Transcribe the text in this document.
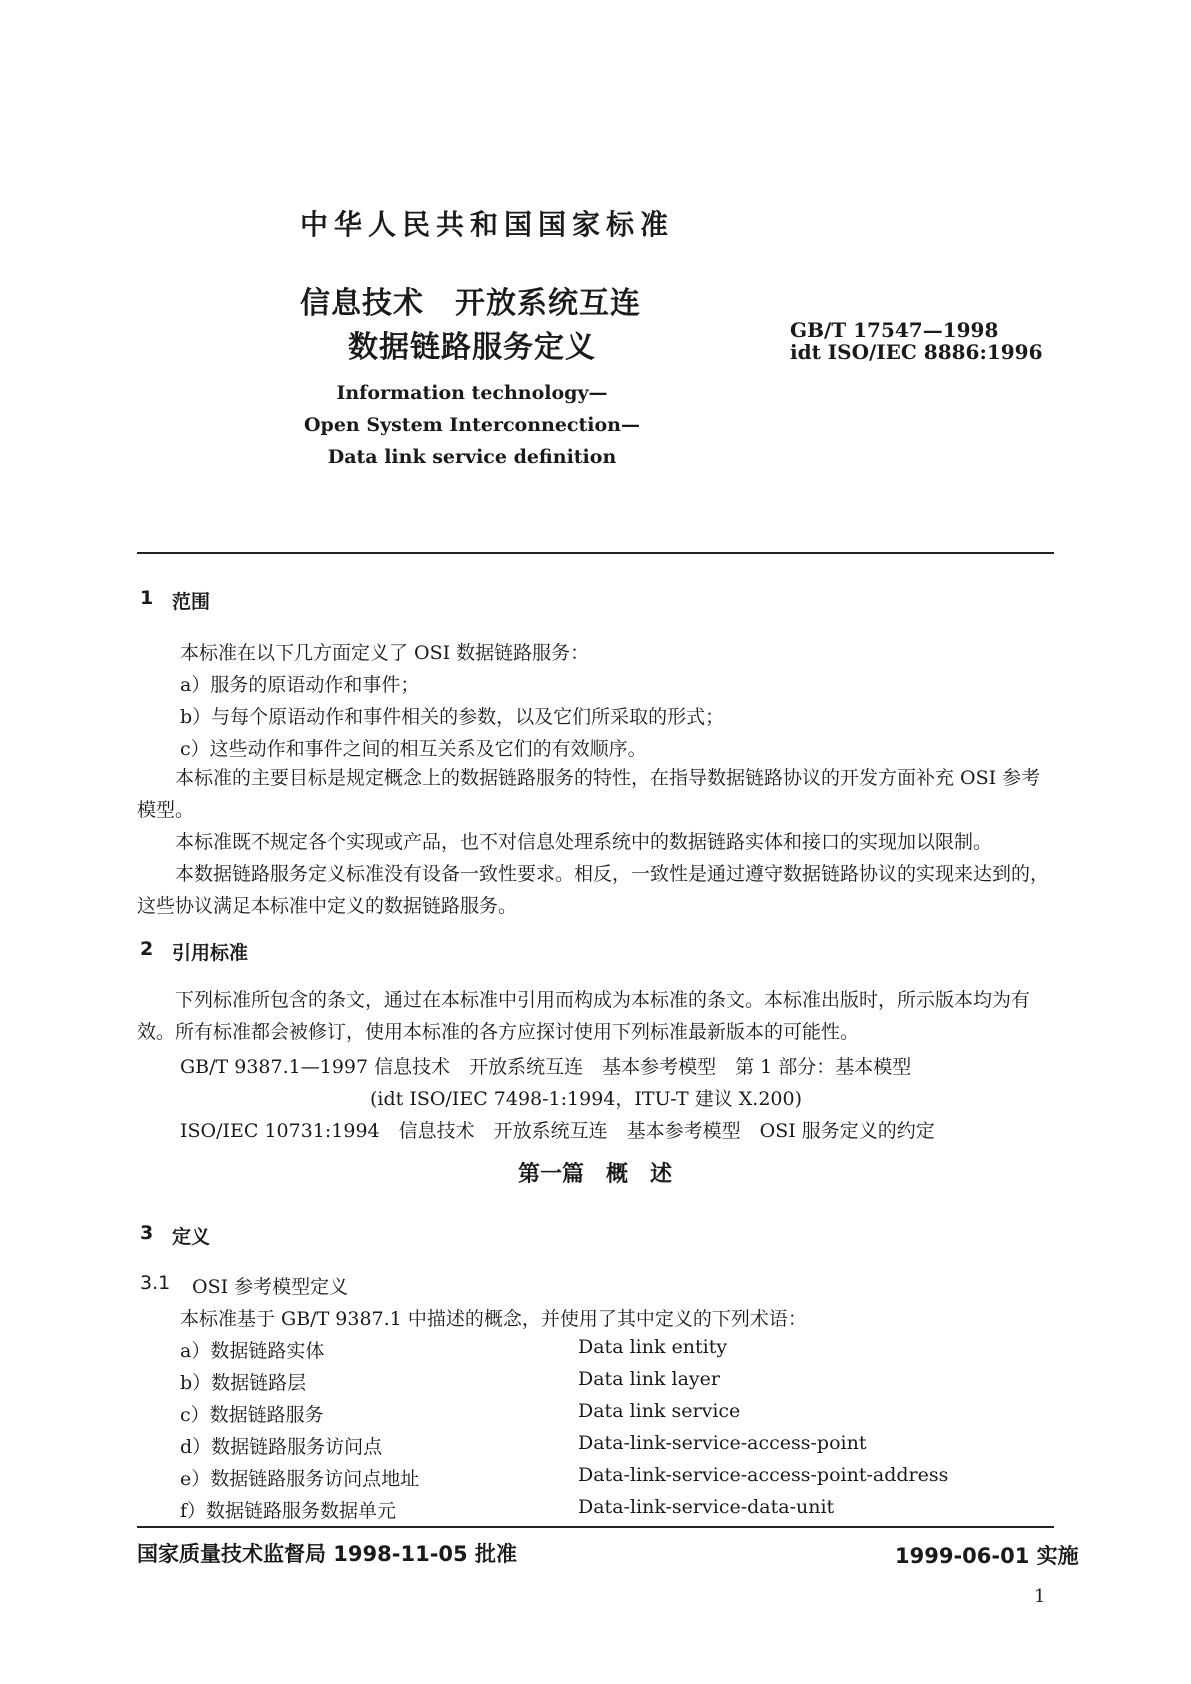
中华人民共和国国家标准
信息技术　开放系统互连
数据链路服务定义	GB/T 17547—1998
idt ISO/IEC 8886:1996
Information technology—
Open System Interconnection—
Data link service definition
1 范围
本标准在以下几方面定义了 OSI 数据链路服务：
a）服务的原语动作和事件；
b）与每个原语动作和事件相关的参数，以及它们所采取的形式；
c）这些动作和事件之间的相互关系及它们的有效顺序。
本标准的主要目标是规定概念上的数据链路服务的特性，在指导数据链路协议的开发方面补充 OSI 参考模型。
本标准既不规定各个实现或产品，也不对信息处理系统中的数据链路实体和接口的实现加以限制。
本数据链路服务定义标准没有设备一致性要求。相反，一致性是通过遵守数据链路协议的实现来达到的，这些协议满足本标准中定义的数据链路服务。
2 引用标准
下列标准所包含的条文，通过在本标准中引用而构成为本标准的条文。本标准出版时，所示版本均为有效。所有标准都会被修订，使用本标准的各方应探讨使用下列标准最新版本的可能性。
GB/T 9387.1—1997 信息技术　开放系统互连　基本参考模型　第 1 部分：基本模型
(idt ISO/IEC 7498-1:1994，ITU-T 建议 X.200)
ISO/IEC 10731:1994　信息技术　开放系统互连　基本参考模型　OSI 服务定义的约定
第一篇　概　述
3 定义
3.1 OSI 参考模型定义
本标准基于 GB/T 9387.1 中描述的概念，并使用了其中定义的下列术语：
a）数据链路实体	Data link entity
b）数据链路层	Data link layer
c）数据链路服务	Data link service
d）数据链路服务访问点	Data-link-service-access-point
e）数据链路服务访问点地址	Data-link-service-access-point-address
f）数据链路服务数据单元	Data-link-service-data-unit
国家质量技术监督局 1998-11-05 批准	1999-06-01 实施
1
